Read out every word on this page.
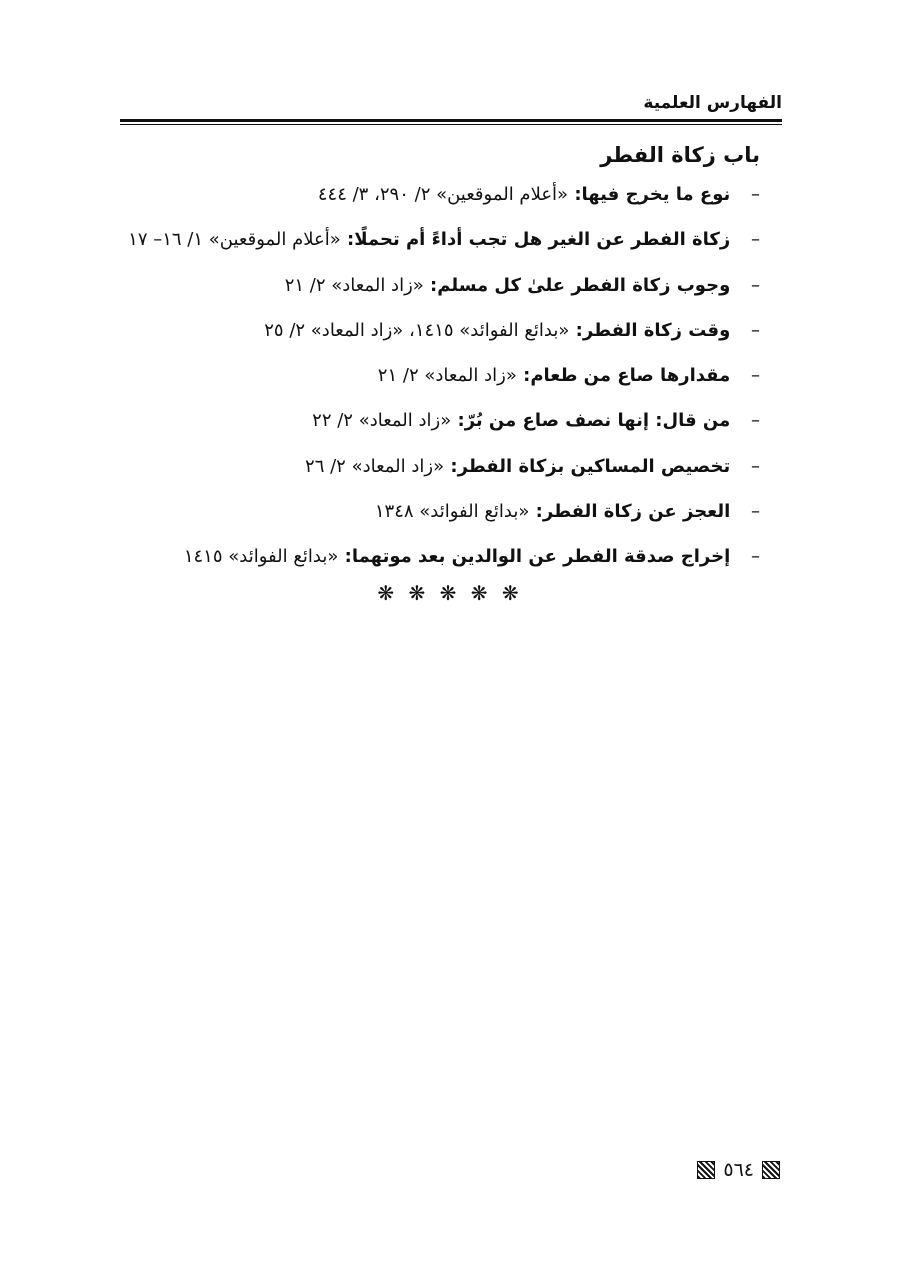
الفهارس العلمية
باب زكاة الفطر
– نوع ما يخرج فيها: «أعلام الموقعين» ٢/ ٢٩٠، ٣/ ٤٤٤
– زكاة الفطر عن الغير هل تجب أداءً أم تحملًا: «أعلام الموقعين» ١/ ١٦– ١٧
– وجوب زكاة الفطر علىٰ كل مسلم: «زاد المعاد» ٢/ ٢١
– وقت زكاة الفطر: «بدائع الفوائد» ١٤١٥، «زاد المعاد» ٢/ ٢٥
– مقدارها صاع من طعام: «زاد المعاد» ٢/ ٢١
– من قال: إنها نصف صاع من بُرّ: «زاد المعاد» ٢/ ٢٢
– تخصيص المساكين بزكاة الفطر: «زاد المعاد» ٢/ ٢٦
– العجز عن زكاة الفطر: «بدائع الفوائد» ١٣٤٨
– إخراج صدقة الفطر عن الوالدين بعد موتهما: «بدائع الفوائد» ١٤١٥
❋ ❋ ❋ ❋ ❋
٥٦٤
